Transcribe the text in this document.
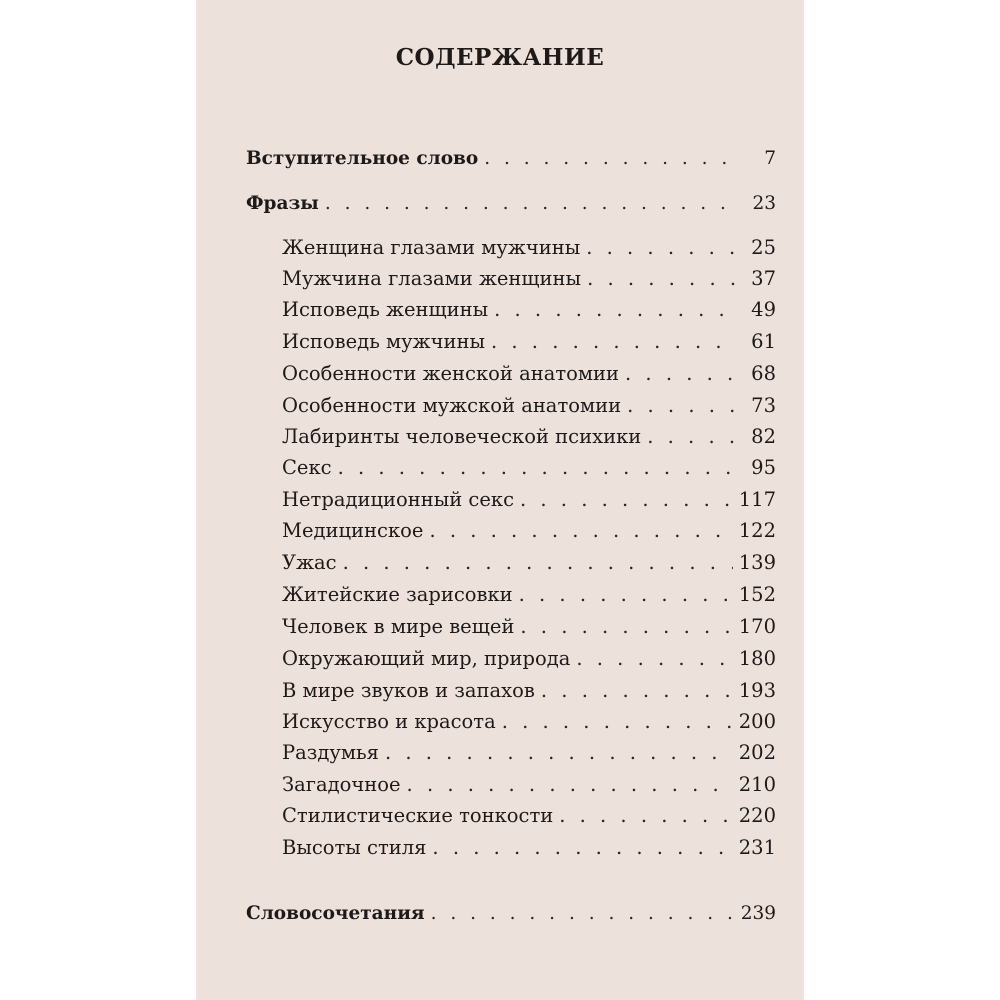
СОДЕРЖАНИЕ
Вступительное слово . . .	7
Фразы . . .	23
Женщина глазами мужчины . . .	25
Мужчина глазами женщины . . .	37
Исповедь женщины . . .	49
Исповедь мужчины . . .	61
Особенности женской анатомии . . .	68
Особенности мужской анатомии . . .	73
Лабиринты человеческой психики . . .	82
Секс . . .	95
Нетрадиционный секс . . .	117
Медицинское . . .	122
Ужас . . .	139
Житейские зарисовки . . .	152
Человек в мире вещей . . .	170
Окружающий мир, природа . . .	180
В мире звуков и запахов . . .	193
Искусство и красота . . .	200
Раздумья . . .	202
Загадочное . . .	210
Стилистические тонкости . . .	220
Высоты стиля . . .	231
Словосочетания . . .	239
